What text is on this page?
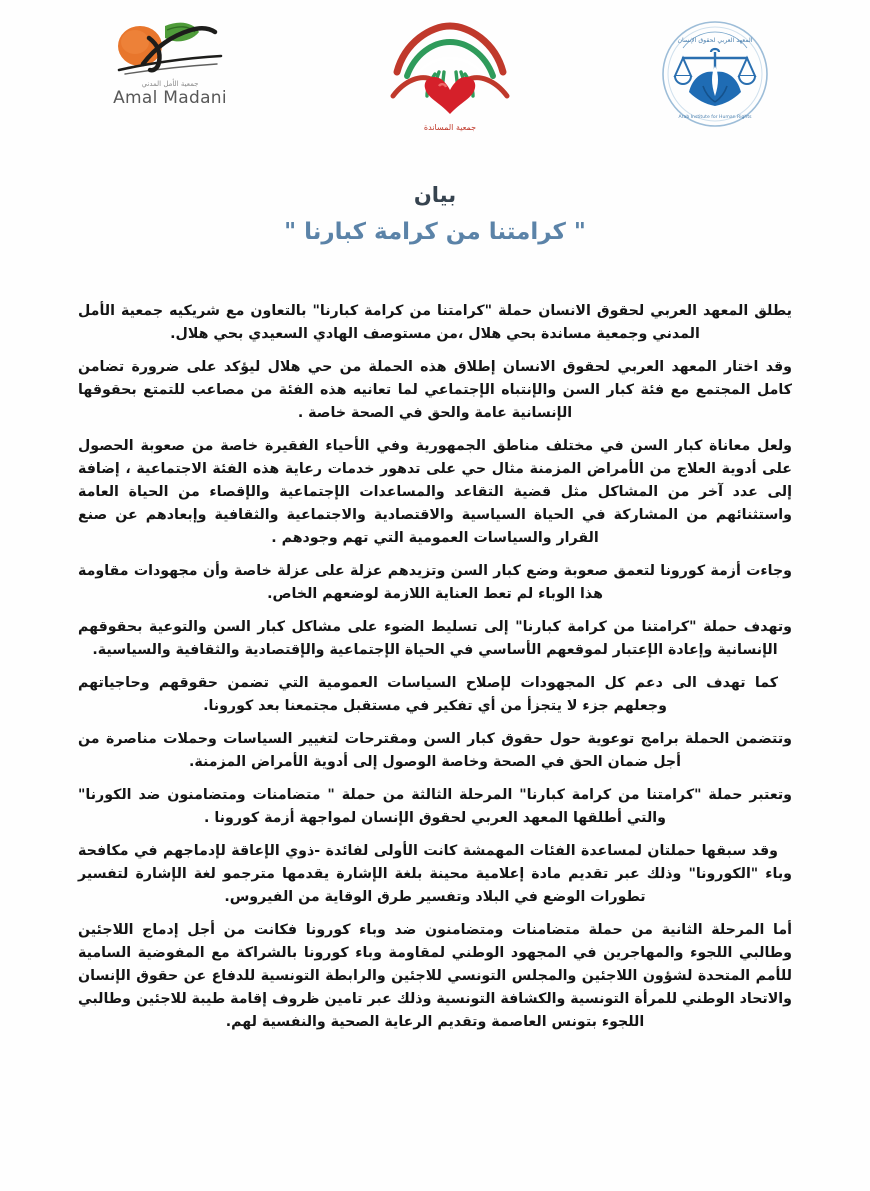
جمعية الأمل المدني
Amal Madani
جمعية المساندة
المعهد العربي لحقوق الإنسان
Arab Institute for Human Rights
بيان
" كرامتنا من كرامة كبارنا "

يطلق المعهد العربي لحقوق الانسان حملة "كرامتنا من كرامة كبارنا" بالتعاون مع شريكيه جمعية الأمل المدني وجمعية مساندة بحي هلال ،من مستوصف الهادي السعيدي بحي هلال.

وقد اختار المعهد العربي لحقوق الانسان إطلاق هذه الحملة من حي هلال ليؤكد على ضرورة تضامن كامل المجتمع مع فئة كبار السن والإنتباه الإجتماعي لما تعانيه هذه الفئة من مصاعب للتمتع بحقوقها الإنسانية عامة والحق في الصحة خاصة .

ولعل معاناة كبار السن في مختلف مناطق الجمهورية وفي الأحياء الفقيرة خاصة من صعوبة الحصول على أدوية العلاج من الأمراض المزمنة مثال حي على تدهور خدمات رعاية هذه الفئة الاجتماعية ، إضافة إلى عدد آخر من المشاكل مثل قضية التقاعد والمساعدات الإجتماعية والإقصاء من الحياة العامة واستثنائهم من المشاركة في الحياة السياسية والاقتصادية والاجتماعية والثقافية وإبعادهم عن صنع القرار والسياسات العمومية التي تهم وجودهم .

وجاءت أزمة كورونا لتعمق صعوبة وضع كبار السن وتزيدهم عزلة على عزلة خاصة وأن مجهودات مقاومة هذا الوباء لم تعط العناية اللازمة لوضعهم الخاص.

وتهدف حملة "كرامتنا من كرامة كبارنا" إلى تسليط الضوء على مشاكل كبار السن والتوعية بحقوقهم الإنسانية وإعادة الإعتبار لموقعهم الأساسي في الحياة الإجتماعية والإقتصادية والثقافية والسياسية.

كما تهدف الى دعم كل المجهودات لإصلاح السياسات العمومية التي تضمن حقوقهم وحاجياتهم وجعلهم جزء لا يتجزأ من أي تفكير في مستقبل مجتمعنا بعد كورونا.

وتتضمن الحملة برامج توعوية حول حقوق كبار السن ومقترحات لتغيير السياسات وحملات مناصرة من أجل ضمان الحق في الصحة وخاصة الوصول إلى أدوية الأمراض المزمنة.

وتعتبر حملة "كرامتنا من كرامة كبارنا" المرحلة الثالثة من حملة " متضامنات ومتضامنون ضد الكورنا" والتي أطلقها المعهد العربي لحقوق الإنسان لمواجهة أزمة كورونا .

وقد سبقها حملتان لمساعدة الفئات المهمشة كانت الأولى لفائدة -ذوي الإعاقة لإدماجهم في مكافحة وباء "الكورونا" وذلك عبر تقديم مادة إعلامية محينة بلغة الإشارة يقدمها مترجمو لغة الإشارة لتفسير تطورات الوضع في البلاد وتفسير طرق الوقاية من الفيروس.

أما المرحلة الثانية من حملة متضامنات ومتضامنون ضد وباء كورونا فكانت من أجل إدماج اللاجئين وطالبي اللجوء والمهاجرين في المجهود الوطني لمقاومة وباء كورونا بالشراكة مع المفوضية السامية للأمم المتحدة لشؤون اللاجئين والمجلس التونسي للاجئين والرابطة التونسية للدفاع عن حقوق الإنسان والاتحاد الوطني للمرأة التونسية والكشافة التونسية وذلك عبر تامين ظروف إقامة طيبة للاجئين وطالبي اللجوء بتونس العاصمة وتقديم الرعاية الصحية والنفسية لهم.
